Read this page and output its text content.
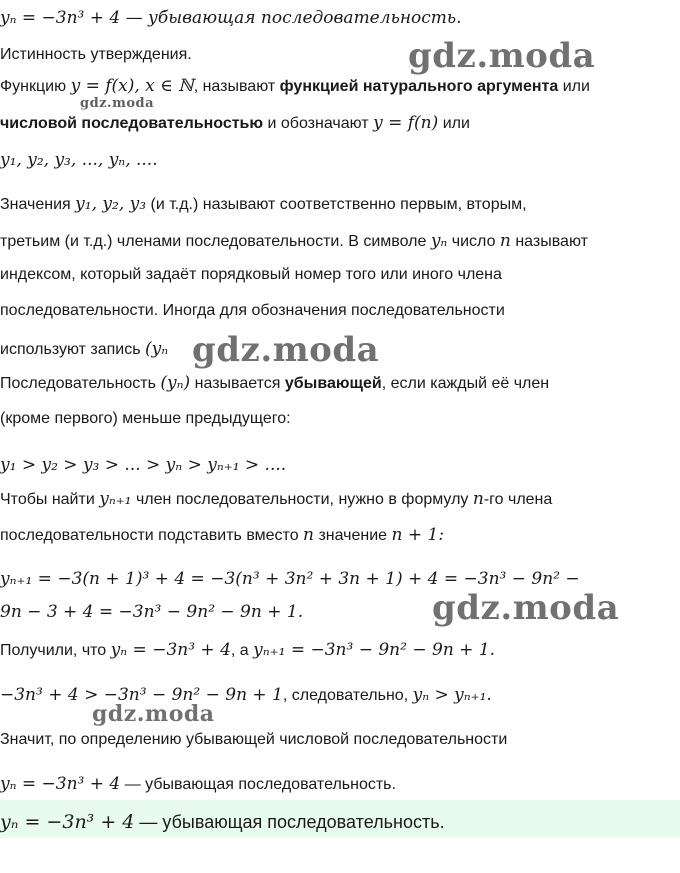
yₙ = −3n³ + 4 — убывающая последовательность.
Истинность утверждения.
Функцию y = f(x), x ∈ ℕ, называют функцией натурального аргумента или
числовой последовательностью и обозначают y = f(n) или
y₁, y₂, y₃, ..., yₙ, ....
Значения y₁, y₂, y₃ (и т.д.) называют соответственно первым, вторым,
третьим (и т.д.) членами последовательности. В символе yₙ число n называют
индексом, который задаёт порядковый номер того или иного члена
последовательности. Иногда для обозначения последовательности
используют запись (yₙ
Последовательность (yₙ) называется убывающей, если каждый её член
(кроме первого) меньше предыдущего:
y₁ > y₂ > y₃ > ... > yₙ > yₙ₊₁ > ....
Чтобы найти yₙ₊₁ член последовательности, нужно в формулу n-го члена
последовательности подставить вместо n значение n + 1:
yₙ₊₁ = −3(n + 1)³ + 4 = −3(n³ + 3n² + 3n + 1) + 4 = −3n³ − 9n² −
9n − 3 + 4 = −3n³ − 9n² − 9n + 1.
Получили, что yₙ = −3n³ + 4, а yₙ₊₁ = −3n³ − 9n² − 9n + 1.
−3n³ + 4 > −3n³ − 9n² − 9n + 1, следовательно, yₙ > yₙ₊₁.
Значит, по определению убывающей числовой последовательности
yₙ = −3n³ + 4 — убывающая последовательность.
yₙ = −3n³ + 4 — убывающая последовательность.
gdz.moda
gdz.moda
gdz.moda
gdz.moda
gdz.moda
